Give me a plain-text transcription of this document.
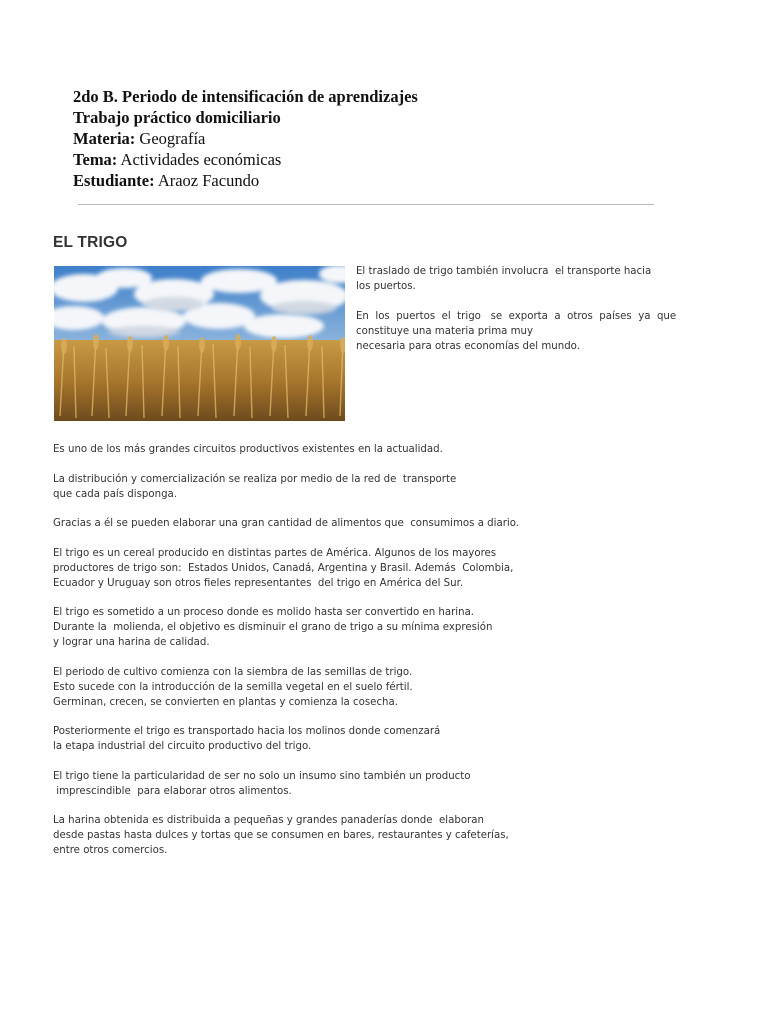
2do B. Periodo de intensificación de aprendizajes
Trabajo práctico domiciliario
Materia: Geografía
Tema: Actividades económicas
Estudiante: Araoz Facundo
EL TRIGO

El traslado de trigo también involucra  el transporte hacia
los puertos.

En  los  puertos  el  trigo   se  exporta  a  otros  países  ya  que
constituye una materia prima muy
necesaria para otras economías del mundo.

Es uno de los más grandes circuitos productivos existentes en la actualidad.

La distribución y comercialización se realiza por medio de la red de  transporte
que cada país disponga.

Gracias a él se pueden elaborar una gran cantidad de alimentos que  consumimos a diario.

El trigo es un cereal producido en distintas partes de América. Algunos de los mayores
productores de trigo son:  Estados Unidos, Canadá, Argentina y Brasil. Además  Colombia,
Ecuador y Uruguay son otros fieles representantes  del trigo en América del Sur.

El trigo es sometido a un proceso donde es molido hasta ser convertido en harina.
Durante la  molienda, el objetivo es disminuir el grano de trigo a su mínima expresión
y lograr una harina de calidad.

El periodo de cultivo comienza con la siembra de las semillas de trigo.
Esto sucede con la introducción de la semilla vegetal en el suelo fértil.
Germinan, crecen, se convierten en plantas y comienza la cosecha.

Posteriormente el trigo es transportado hacia los molinos donde comenzará
la etapa industrial del circuito productivo del trigo.

El trigo tiene la particularidad de ser no solo un insumo sino también un producto
imprescindible  para elaborar otros alimentos.

La harina obtenida es distribuida a pequeñas y grandes panaderías donde  elaboran
desde pastas hasta dulces y tortas que se consumen en bares, restaurantes y cafeterías,
entre otros comercios.
